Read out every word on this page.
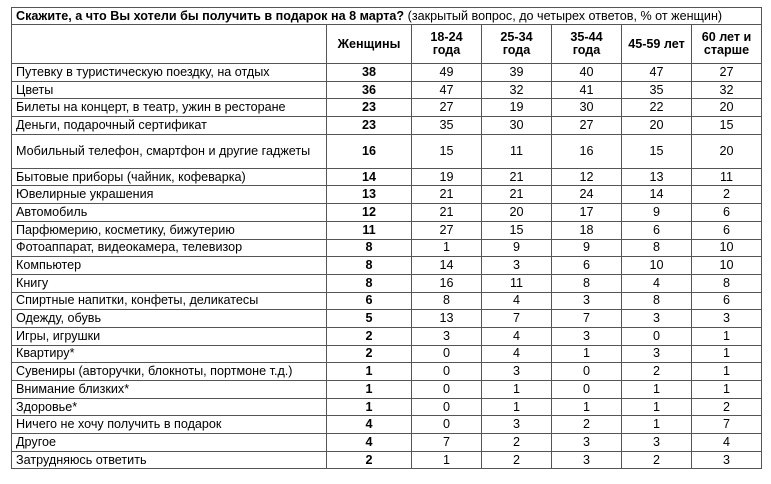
Скажите, а что Вы хотели бы получить в подарок на 8 марта? (закрытый вопрос, до четырех ответов, % от женщин)						
	Женщины	18-24 года	25-34 года	35-44 года	45-59 лет	60 лет и старше
Путевку в туристическую поездку, на отдых	38	49	39	40	47	27
Цветы	36	47	32	41	35	32
Билеты на концерт, в театр, ужин в ресторане	23	27	19	30	22	20
Деньги, подарочный сертификат	23	35	30	27	20	15
Мобильный телефон, смартфон и другие гаджеты	16	15	11	16	15	20
Бытовые приборы (чайник, кофеварка)	14	19	21	12	13	11
Ювелирные украшения	13	21	21	24	14	2
Автомобиль	12	21	20	17	9	6
Парфюмерию, косметику, бижутерию	11	27	15	18	6	6
Фотоаппарат, видеокамера, телевизор	8	1	9	9	8	10
Компьютер	8	14	3	6	10	10
Книгу	8	16	11	8	4	8
Спиртные напитки, конфеты, деликатесы	6	8	4	3	8	6
Одежду, обувь	5	13	7	7	3	3
Игры, игрушки	2	3	4	3	0	1
Квартиру*	2	0	4	1	3	1
Сувениры (авторучки, блокноты, портмоне т.д.)	1	0	3	0	2	1
Внимание близких*	1	0	1	0	1	1
Здоровье*	1	0	1	1	1	2
Ничего не хочу получить в подарок	4	0	3	2	1	7
Другое	4	7	2	3	3	4
Затрудняюсь ответить	2	1	2	3	2	3
